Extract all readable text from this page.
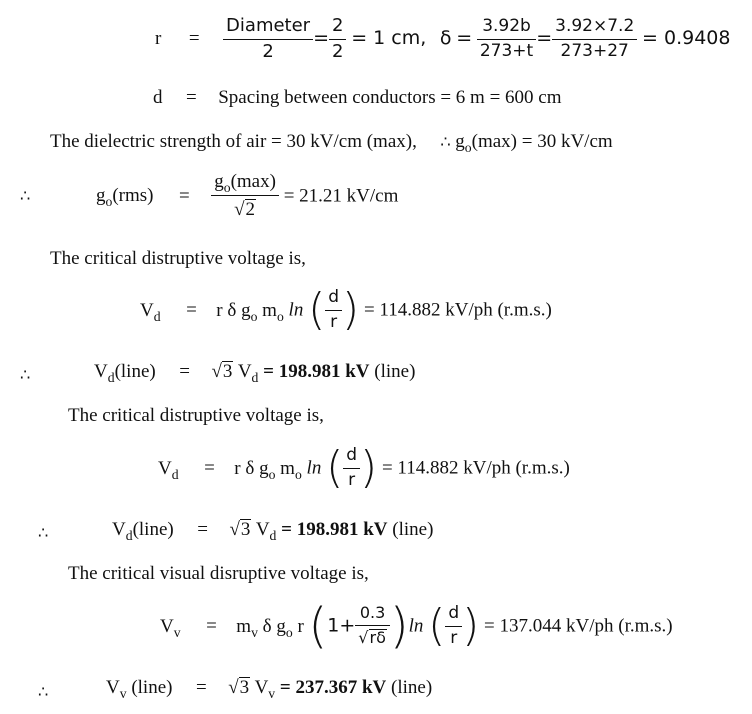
$r = \frac{\text{Diameter}}{2} = \frac{2}{2} = 1$ cm, $\delta = \frac{3.92b}{273+t} = \frac{3.92\times 7.2}{273+27} = 0.9408$
d = Spacing between conductors = 6 m = 600 cm
The dielectric strength of air = 30 kV/cm (max), ∴ $g_o(\max) = 30$ kV/cm
∴	$g_o(rms) = \frac{g_o(\max)}{√2} = 21.21$ kV/cm
The critical distruptive voltage is,
$V_d = r$ δ $g_o$ $m_o$ ln ( $\frac{d}{r}$ ) = 114.882 kV/ph (r.m.s.)
∴	$V_d(line) = √3$ $V_d = 198.981$ kV (line)
The critical distruptive voltage is,
$V_d = r$ δ $g_o$ $m_o$ ln ( $\frac{d}{r}$ ) = 114.882 kV/ph (r.m.s.)
∴	$V_d(line) = √3$ $V_d = 198.981$ kV (line)
The critical visual disruptive voltage is,
$V_v = m_v$ δ $g_o$ r $(1+ \frac{0.3}{√r\delta} )\ln$ ( $\frac{d}{r}$ ) = 137.044 kV/ph (r.m.s.)
∴	$V_v$ (line) = √3 $V_v = 237.367$ kV (line)
